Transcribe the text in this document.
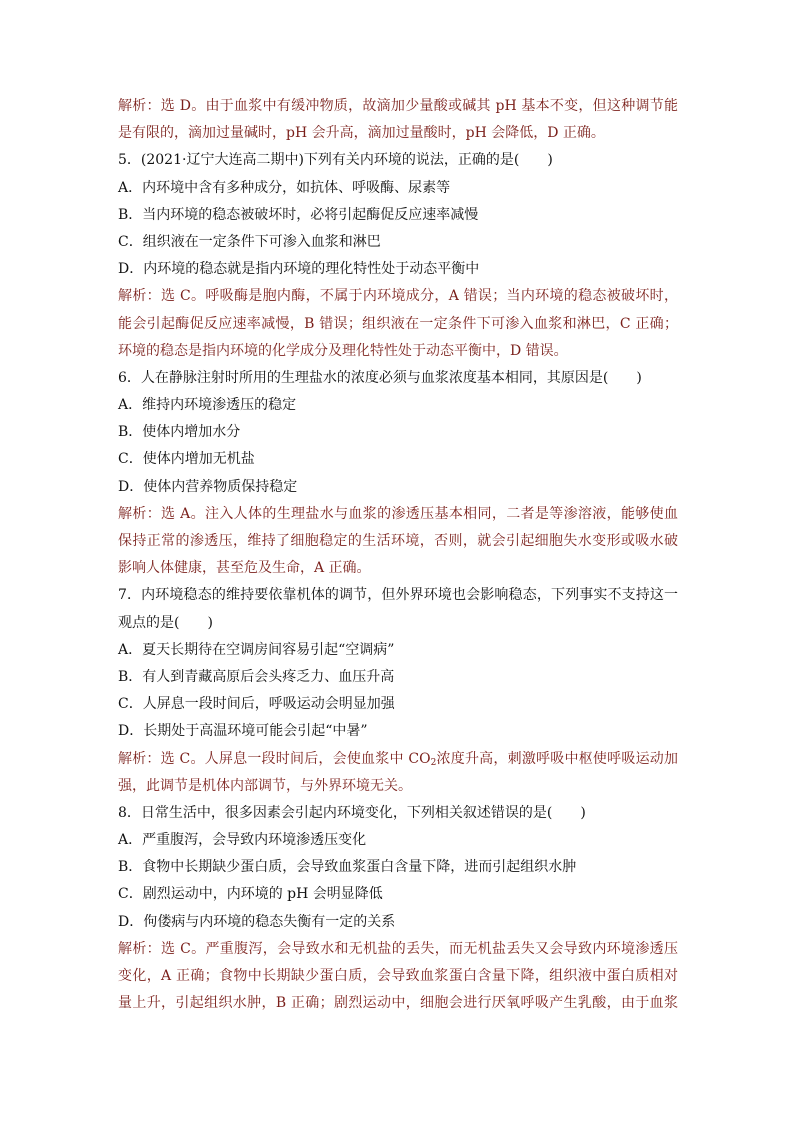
解析：选 D。由于血浆中有缓冲物质，故滴加少量酸或碱其 pH 基本不变，但这种调节能
是有限的，滴加过量碱时，pH 会升高，滴加过量酸时，pH 会降低，D 正确。
5．(2021·辽宁大连高二期中)下列有关内环境的说法，正确的是(　　)
A．内环境中含有多种成分，如抗体、呼吸酶、尿素等
B．当内环境的稳态被破坏时，必将引起酶促反应速率减慢
C．组织液在一定条件下可渗入血浆和淋巴
D．内环境的稳态就是指内环境的理化特性处于动态平衡中
解析：选 C。呼吸酶是胞内酶，不属于内环境成分，A 错误；当内环境的稳态被破坏时，
能会引起酶促反应速率减慢，B 错误；组织液在一定条件下可渗入血浆和淋巴，C 正确；
环境的稳态是指内环境的化学成分及理化特性处于动态平衡中，D 错误。
6．人在静脉注射时所用的生理盐水的浓度必须与血浆浓度基本相同，其原因是(　　)
A．维持内环境渗透压的稳定
B．使体内增加水分
C．使体内增加无机盐
D．使体内营养物质保持稳定
解析：选 A。注入人体的生理盐水与血浆的渗透压基本相同，二者是等渗溶液，能够使血
保持正常的渗透压，维持了细胞稳定的生活环境，否则，就会引起细胞失水变形或吸水破
影响人体健康，甚至危及生命，A 正确。
7．内环境稳态的维持要依靠机体的调节，但外界环境也会影响稳态，下列事实不支持这一
观点的是(　　)
A．夏天长期待在空调房间容易引起“空调病”
B．有人到青藏高原后会头疼乏力、血压升高
C．人屏息一段时间后，呼吸运动会明显加强
D．长期处于高温环境可能会引起“中暑”
解析：选 C。人屏息一段时间后，会使血浆中 $CO_2$浓度升高，刺激呼吸中枢使呼吸运动加
强，此调节是机体内部调节，与外界环境无关。
8．日常生活中，很多因素会引起内环境变化，下列相关叙述错误的是(　　)
A．严重腹泻，会导致内环境渗透压变化
B．食物中长期缺少蛋白质，会导致血浆蛋白含量下降，进而引起组织水肿
C．剧烈运动中，内环境的 pH 会明显降低
D．佝偻病与内环境的稳态失衡有一定的关系
解析：选 C。严重腹泻，会导致水和无机盐的丢失，而无机盐丢失又会导致内环境渗透压
变化，A 正确；食物中长期缺少蛋白质，会导致血浆蛋白含量下降，组织液中蛋白质相对
量上升，引起组织水肿，B 正确；剧烈运动中，细胞会进行厌氧呼吸产生乳酸，由于血浆
